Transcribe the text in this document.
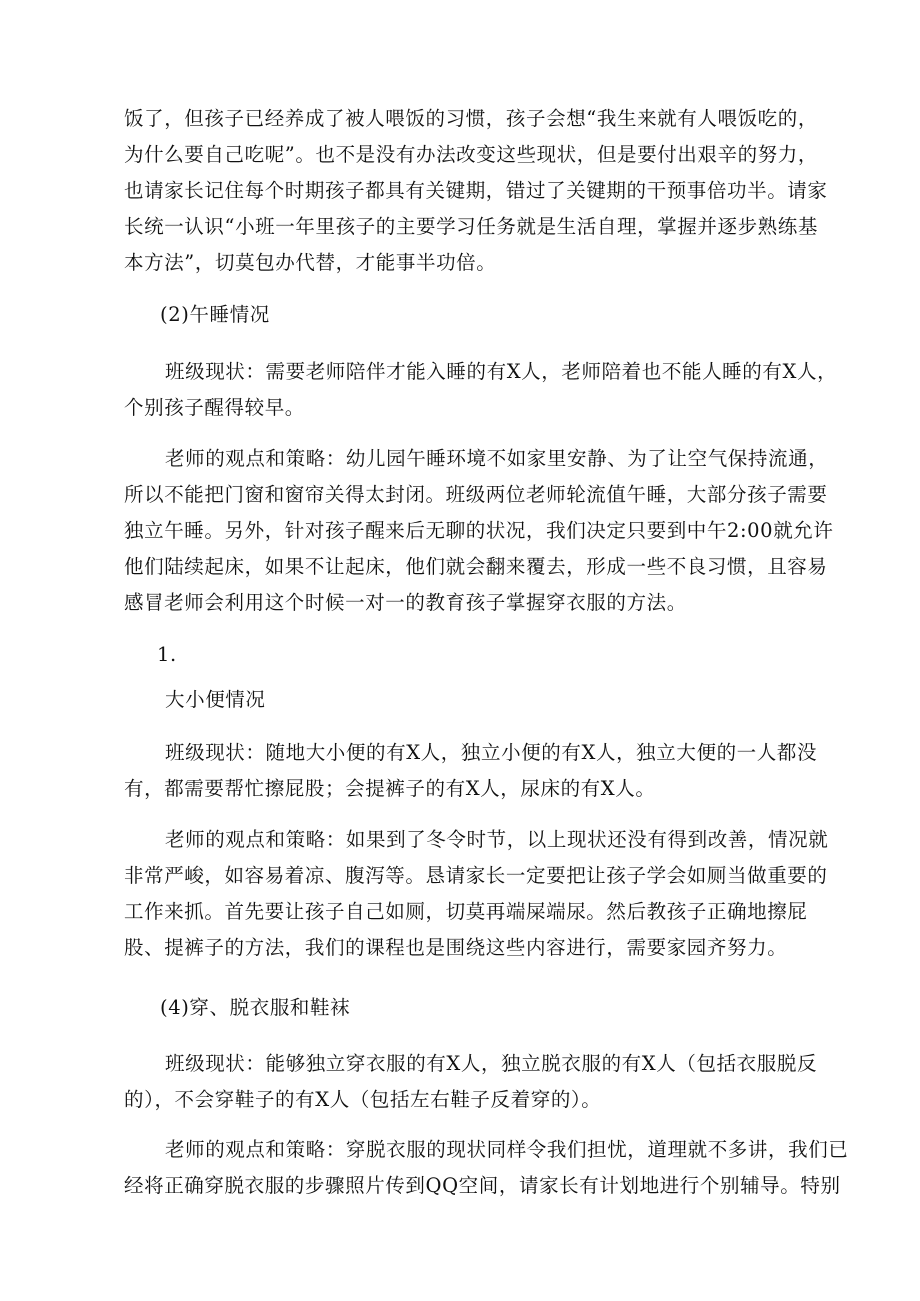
饭了，但孩子已经养成了被人喂饭的习惯，孩子会想“我生来就有人喂饭吃的，
为什么要自己吃呢”。也不是没有办法改变这些现状，但是要付出艰辛的努力，
也请家长记住每个时期孩子都具有关键期，错过了关键期的干预事倍功半。请家
长统一认识“小班一年里孩子的主要学习任务就是生活自理，掌握并逐步熟练基
本方法”，切莫包办代替，才能事半功倍。

(2)午睡情况

班级现状：需要老师陪伴才能入睡的有X人，老师陪着也不能人睡的有X人，
个别孩子醒得较早。

老师的观点和策略：幼儿园午睡环境不如家里安静、为了让空气保持流通，
所以不能把门窗和窗帘关得太封闭。班级两位老师轮流值午睡，大部分孩子需要
独立午睡。另外，针对孩子醒来后无聊的状况，我们决定只要到中午2:00就允许
他们陆续起床，如果不让起床，他们就会翻来覆去，形成一些不良习惯，且容易
感冒老师会利用这个时候一对一的教育孩子掌握穿衣服的方法。

1.

大小便情况

班级现状：随地大小便的有X人，独立小便的有X人，独立大便的一人都没
有，都需要帮忙擦屁股；会提裤子的有X人，尿床的有X人。

老师的观点和策略：如果到了冬令时节，以上现状还没有得到改善，情况就
非常严峻，如容易着凉、腹泻等。恳请家长一定要把让孩子学会如厕当做重要的
工作来抓。首先要让孩子自己如厕，切莫再端屎端尿。然后教孩子正确地擦屁
股、提裤子的方法，我们的课程也是围绕这些内容进行，需要家园齐努力。

(4)穿、脱衣服和鞋袜

班级现状：能够独立穿衣服的有X人，独立脱衣服的有X人（包括衣服脱反
的），不会穿鞋子的有X人（包括左右鞋子反着穿的）。

老师的观点和策略：穿脱衣服的现状同样令我们担忧，道理就不多讲，我们已
经将正确穿脱衣服的步骤照片传到QQ空间，请家长有计划地进行个别辅导。特别
